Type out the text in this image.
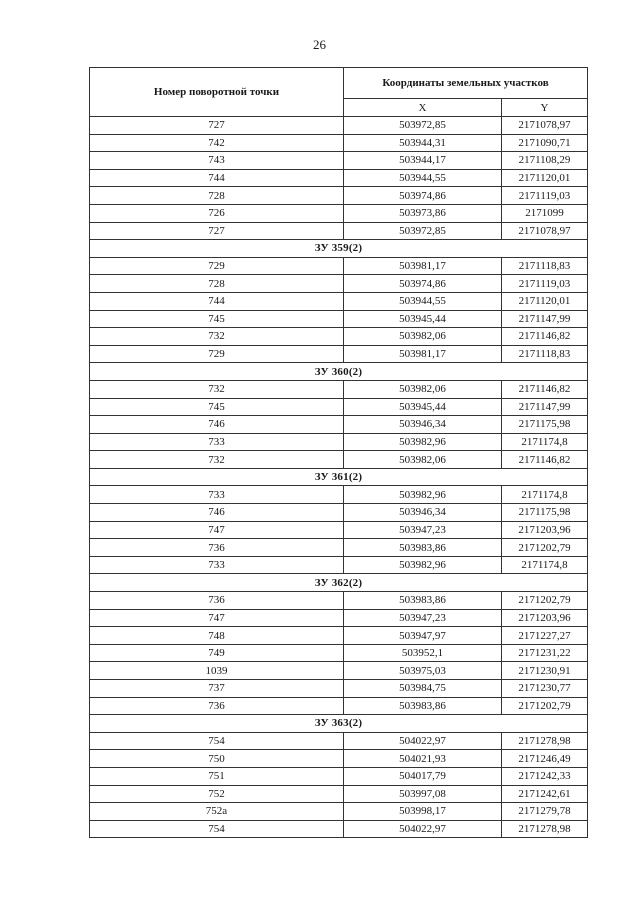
26
Номер поворотной точки	Координаты земельных участков	
	X	Y
727	503972,85	2171078,97
742	503944,31	2171090,71
743	503944,17	2171108,29
744	503944,55	2171120,01
728	503974,86	2171119,03
726	503973,86	2171099
727	503972,85	2171078,97
ЗУ 359(2)		
729	503981,17	2171118,83
728	503974,86	2171119,03
744	503944,55	2171120,01
745	503945,44	2171147,99
732	503982,06	2171146,82
729	503981,17	2171118,83
ЗУ 360(2)		
732	503982,06	2171146,82
745	503945,44	2171147,99
746	503946,34	2171175,98
733	503982,96	2171174,8
732	503982,06	2171146,82
ЗУ 361(2)		
733	503982,96	2171174,8
746	503946,34	2171175,98
747	503947,23	2171203,96
736	503983,86	2171202,79
733	503982,96	2171174,8
ЗУ 362(2)		
736	503983,86	2171202,79
747	503947,23	2171203,96
748	503947,97	2171227,27
749	503952,1	2171231,22
1039	503975,03	2171230,91
737	503984,75	2171230,77
736	503983,86	2171202,79
ЗУ 363(2)		
754	504022,97	2171278,98
750	504021,93	2171246,49
751	504017,79	2171242,33
752	503997,08	2171242,61
752a	503998,17	2171279,78
754	504022,97	2171278,98
